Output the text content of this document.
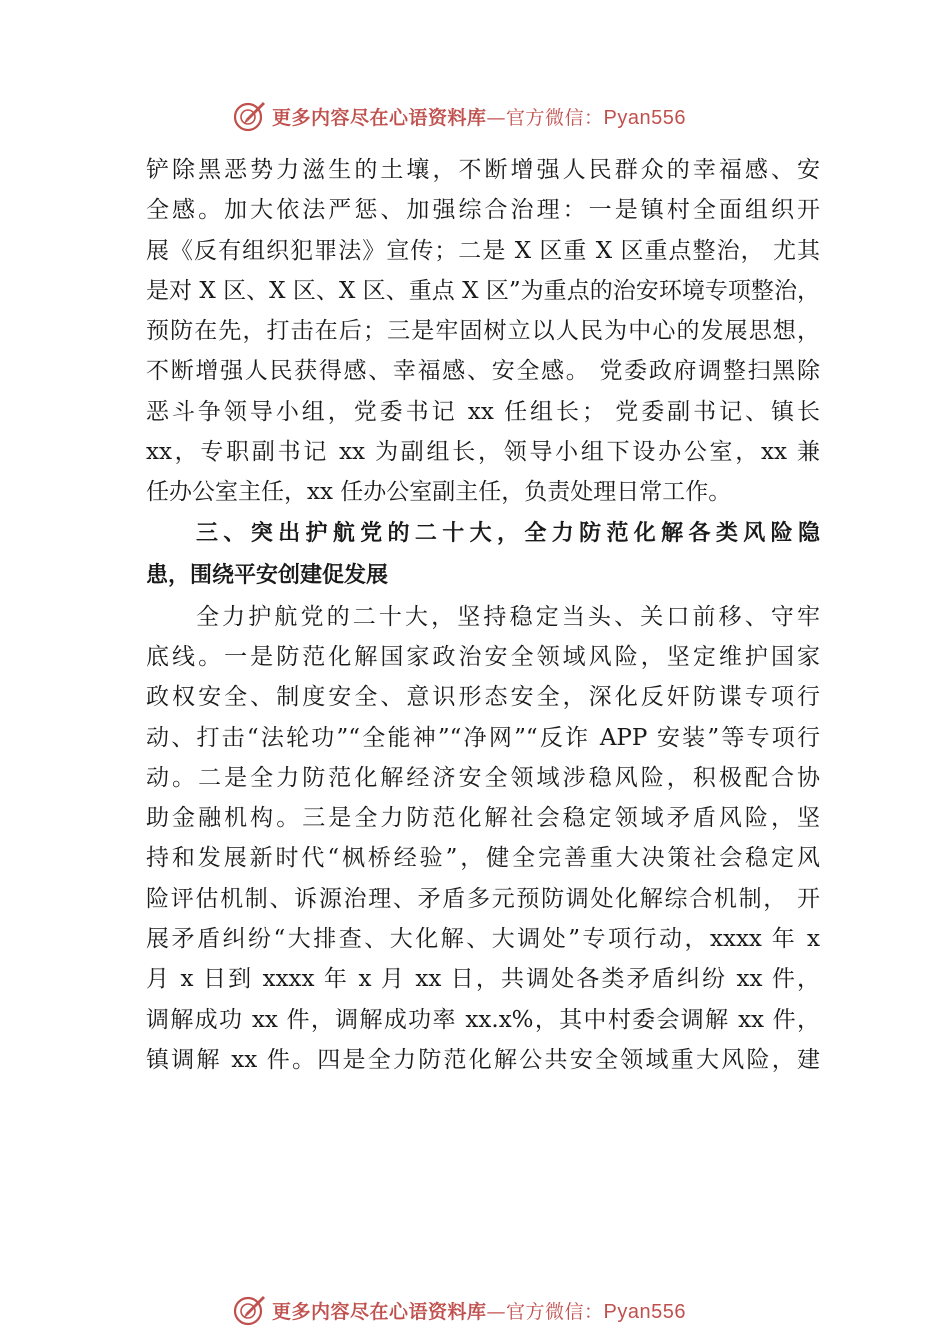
更多内容尽在心语资料库—官方微信：Pyan556
铲除黑恶势力滋生的土壤，不断增强人民群众的幸福感、安
全感。加大依法严惩、加强综合治理：一是镇村全面组织开
展《反有组织犯罪法》宣传；二是 X 区重 X 区重点整治， 尤其
是对 X 区、X 区、X 区、重点 X 区”为重点的治安环境专项整治，
预防在先，打击在后；三是牢固树立以人民为中心的发展思想，
不断增强人民获得感、幸福感、安全感。 党委政府调整扫黑除
恶斗争领导小组，党委书记 xx 任组长； 党委副书记、镇长
xx，专职副书记 xx 为副组长，领导小组下设办公室，xx 兼
任办公室主任，xx 任办公室副主任，负责处理日常工作。
三、突出护航党的二十大，全力防范化解各类风险隐
患，围绕平安创建促发展
全力护航党的二十大，坚持稳定当头、关口前移、守牢
底线。一是防范化解国家政治安全领域风险，坚定维护国家
政权安全、制度安全、意识形态安全，深化反奸防谍专项行
动、打击“法轮功”“全能神”“净网”“反诈 APP 安装”等专项行
动。二是全力防范化解经济安全领域涉稳风险，积极配合协
助金融机构。三是全力防范化解社会稳定领域矛盾风险，坚
持和发展新时代“枫桥经验”，健全完善重大决策社会稳定风
险评估机制、诉源治理、矛盾多元预防调处化解综合机制， 开
展矛盾纠纷“大排查、大化解、大调处”专项行动，xxxx 年 x
月 x 日到 xxxx 年 x 月 xx 日，共调处各类矛盾纠纷 xx 件，
调解成功 xx 件，调解成功率 xx.x%，其中村委会调解 xx 件，
镇调解 xx 件。四是全力防范化解公共安全领域重大风险，建
更多内容尽在心语资料库—官方微信：Pyan556
